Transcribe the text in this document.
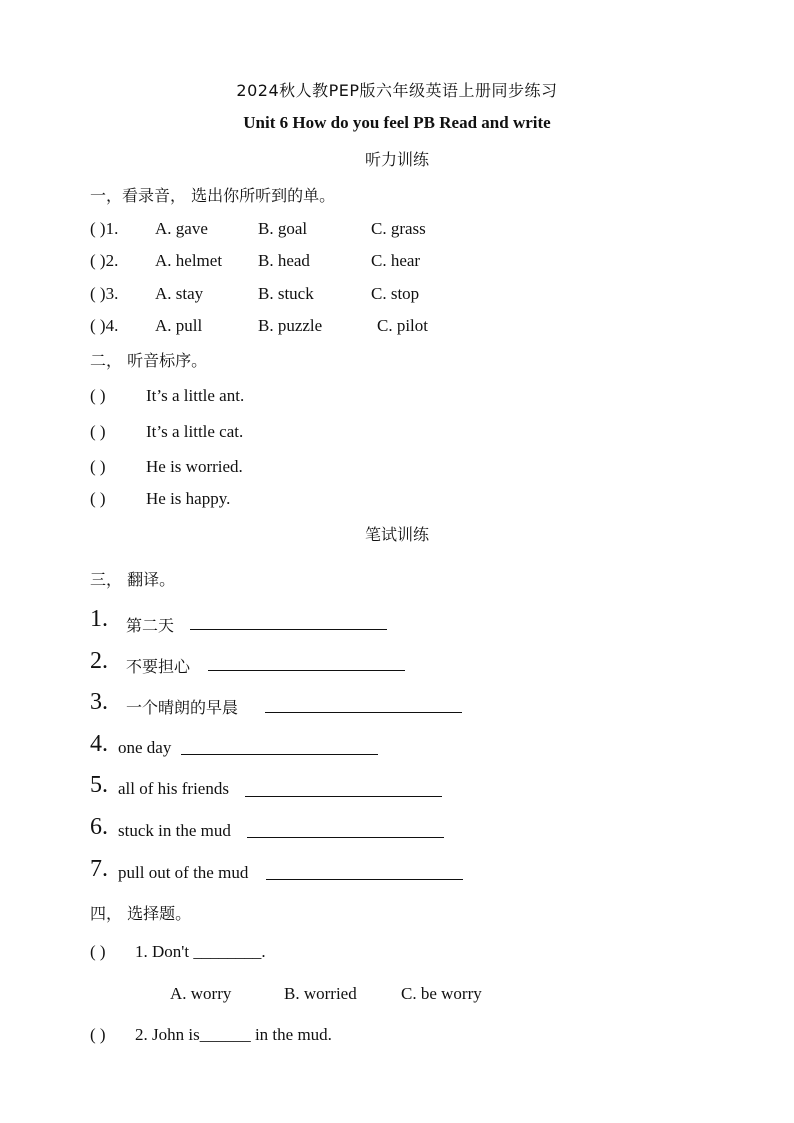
2024秋人教PEP版六年级英语上册同步练习
Unit 6 How do you feel PB Read and write
听力训练
一，看录音， 选出你所听到的单。
( )1. A. gave	B. goal	C. grass
( )2. A. helmet B. head	C. hear
( )3. A. stay	B. stuck	C. stop
( )4. A. pull	B. puzzle	C. pilot
二， 听音标序。
( ) It’s a little ant.
( ) It’s a little cat.
( ) He is worried.
( ) He is happy.
笔试训练
三， 翻译。
1. 第二天
2. 不要担心
3. 一个晴朗的早晨
4. one day
5. all of his friends
6. stuck in the mud
7. pull out of the mud
四， 选择题。
( ) 1. Don't ________.
A. worry	B. worried	C. be worry
( ) 2. John is______ in the mud.
